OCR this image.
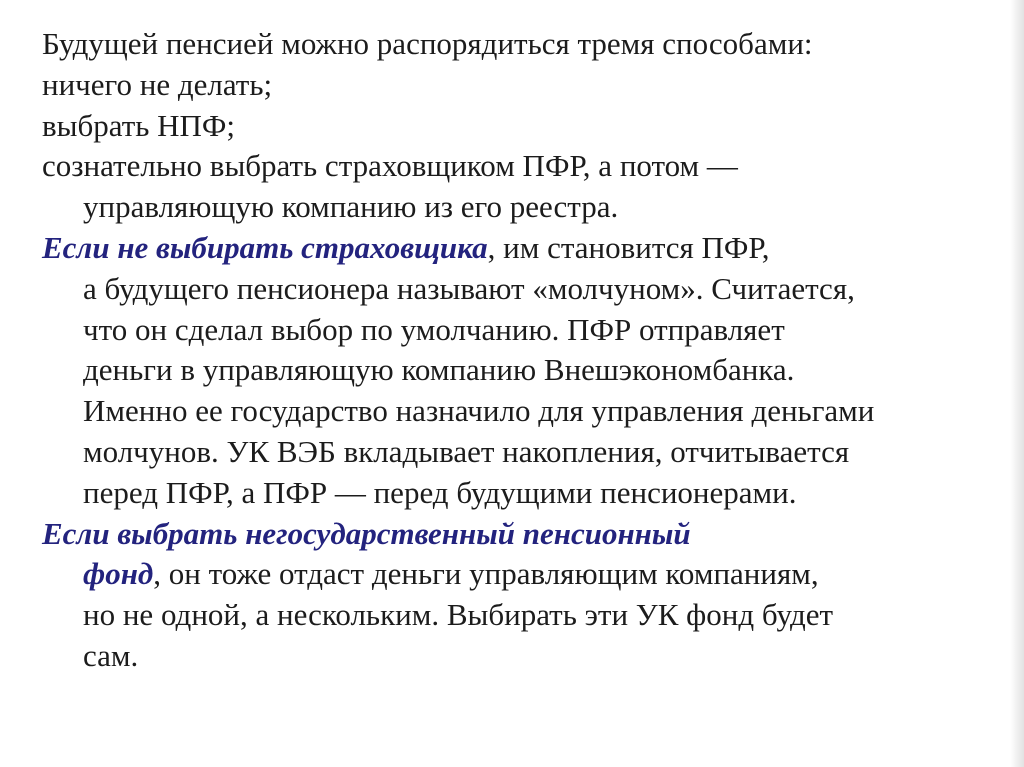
Будущей пенсией можно распорядиться тремя способами:
ничего не делать;
выбрать НПФ;
сознательно выбрать страховщиком ПФР, а потом —
управляющую компанию из его реестра.
Если не выбирать страховщика, им становится ПФР,
а будущего пенсионера называют «молчуном». Считается,
что он сделал выбор по умолчанию. ПФР отправляет
деньги в управляющую компанию Внешэкономбанка.
Именно ее государство назначило для управления деньгами
молчунов. УК ВЭБ вкладывает накопления, отчитывается
перед ПФР, а ПФР — перед будущими пенсионерами.
Если выбрать негосударственный пенсионный
фонд, он тоже отдаст деньги управляющим компаниям,
но не одной, а нескольким. Выбирать эти УК фонд будет
сам.
